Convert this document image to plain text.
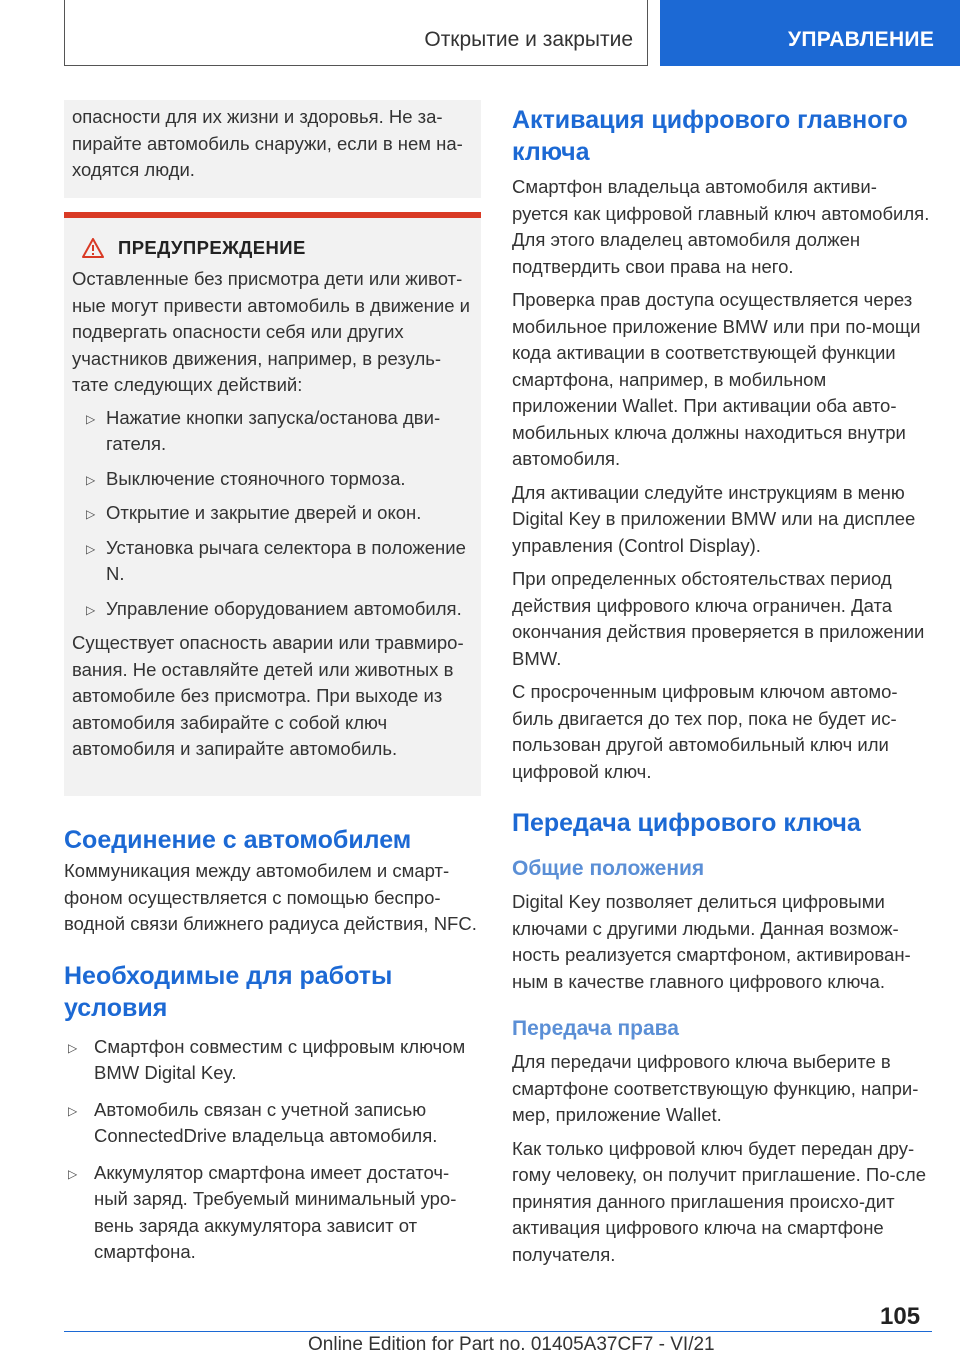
Открытие и закрытие	УПРАВЛЕНИЕ

опасности для их жизни и здоровья. Не за-пирайте автомобиль снаружи, если в нем на-ходятся люди.

ПРЕДУПРЕЖДЕНИЕ

Оставленные без присмотра дети или живот-ные могут привести автомобиль в движение и подвергать опасности себя или других участников движения, например, в резуль-тате следующих действий:

▷ Нажатие кнопки запуска/останова дви-гателя.
▷ Выключение стояночного тормоза.
▷ Открытие и закрытие дверей и окон.
▷ Установка рычага селектора в положение N.
▷ Управление оборудованием автомобиля.

Существует опасность аварии или травмиро-вания. Не оставляйте детей или животных в автомобиле без присмотра. При выходе из автомобиля забирайте с собой ключ автомобиля и запирайте автомобиль.

Соединение с автомобилем

Коммуникация между автомобилем и смарт-фоном осуществляется с помощью беспро-водной связи ближнего радиуса действия, NFC.

Необходимые для работы условия
▷ Смартфон совместим с цифровым ключом BMW Digital Key.
▷ Автомобиль связан с учетной записью ConnectedDrive владельца автомобиля.
▷ Аккумулятор смартфона имеет достаточ-ный заряд. Требуемый минимальный уро-вень заряда аккумулятора зависит от смартфона.
Активация цифрового главного ключа

Смартфон владельца автомобиля активи-руется как цифровой главный ключ автомобиля. Для этого владелец автомобиля должен подтвердить свои права на него.

Проверка прав доступа осуществляется через мобильное приложение BMW или при по-мощи кода активации в соответствующей функции смартфона, например, в мобильном приложении Wallet. При активации оба авто-мобильных ключа должны находиться внутри автомобиля.

Для активации следуйте инструкциям в меню Digital Key в приложении BMW или на дисплее управления (Control Display).

При определенных обстоятельствах период действия цифрового ключа ограничен. Дата окончания действия проверяется в приложении BMW.

С просроченным цифровым ключом автомо-биль двигается до тех пор, пока не будет ис-пользован другой автомобильный ключ или цифровой ключ.

Передача цифрового ключа
Общие положения

Digital Key позволяет делиться цифровыми ключами с другими людьми. Данная возмож-ность реализуется смартфоном, активирован-ным в качестве главного цифрового ключа.

Передача права

Для передачи цифрового ключа выберите в смартфоне соответствующую функцию, напри-мер, приложение Wallet.

Как только цифровой ключ будет передан дру-гому человеку, он получит приглашение. По-сле принятия данного приглашения происхо-дит активация цифрового ключа на смартфоне получателя.

105
Online Edition for Part no. 01405A37CF7 - VI/21
